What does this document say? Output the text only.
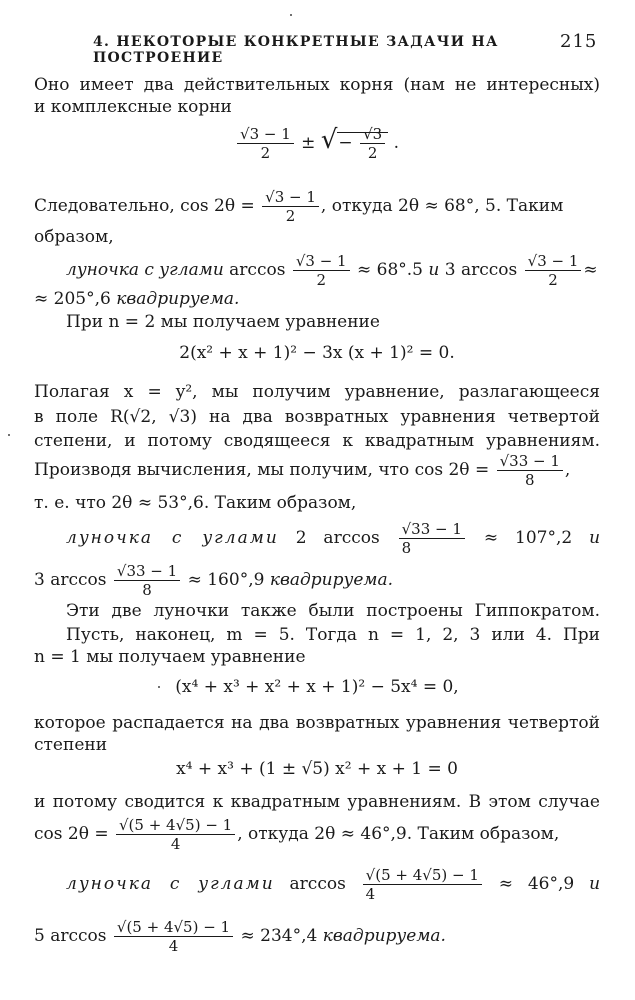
4. НЕКОТОРЫЕ КОНКРЕТНЫЕ ЗАДАЧИ НА ПОСТРОЕНИЕ
215
Оно имеет два действительных корня (нам не интересных)
и комплексные корни
$\frac{√3 - 1}{2}$ ± √− $\frac{√3}{2}$ .
Следовательно, $\cos 2\theta = \frac{√3 - 1}{2}$ , откуда 2θ ≈ 68°, 5. Таким
образом,
луночка с углами $\arccos \frac{√3 - 1}{2} \approx 68^\circ.5$ и 3 $\arccos \frac{√3 - 1}{2}$ ≈
≈ 205°,6 квадрируема.
При n = 2 мы получаем уравнение
2(x² + x + 1)² − 3x (x + 1)² = 0.
Полагая x = y², мы получим уравнение, разлагающееся
в поле R(√2, √3) на два возвратных уравнения четвертой
степени, и потому сводящееся к квадратным уравнениям.
Производя вычисления, мы получим, что $\cos 2\theta = \frac{√33 - 1}{8}$ ,
т. е. что 2θ ≈ 53°,6. Таким образом,
луночка с углами 2 $\arccos \frac{√33 - 1}{8} \approx 107^\circ,2$ и
3 $\arccos \frac{√33 - 1}{8} \approx 160^\circ,9$ квадрируема.
Эти две луночки также были построены Гиппократом.
Пусть, наконец, m = 5. Тогда n = 1, 2, 3 или 4. При
n = 1 мы получаем уравнение
(x⁴ + x³ + x² + x + 1)² − 5x⁴ = 0,
которое распадается на два возвратных уравнения четвертой
степени
x⁴ + x³ + (1 ± √5) x² + x + 1 = 0
и потому сводится к квадратным уравнениям. В этом случае
$\cos 2\theta = \frac{√(5 + 4√5) - 1}{4}$ , откуда 2θ ≈ 46°,9. Таким образом,
луночка с углами $\arccos \frac{√(5 + 4√5) - 1}{4} \approx 46^\circ,9$ и
5 $\arccos \frac{√(5 + 4√5) - 1}{4} \approx 234^\circ,4$ квадрируема.
